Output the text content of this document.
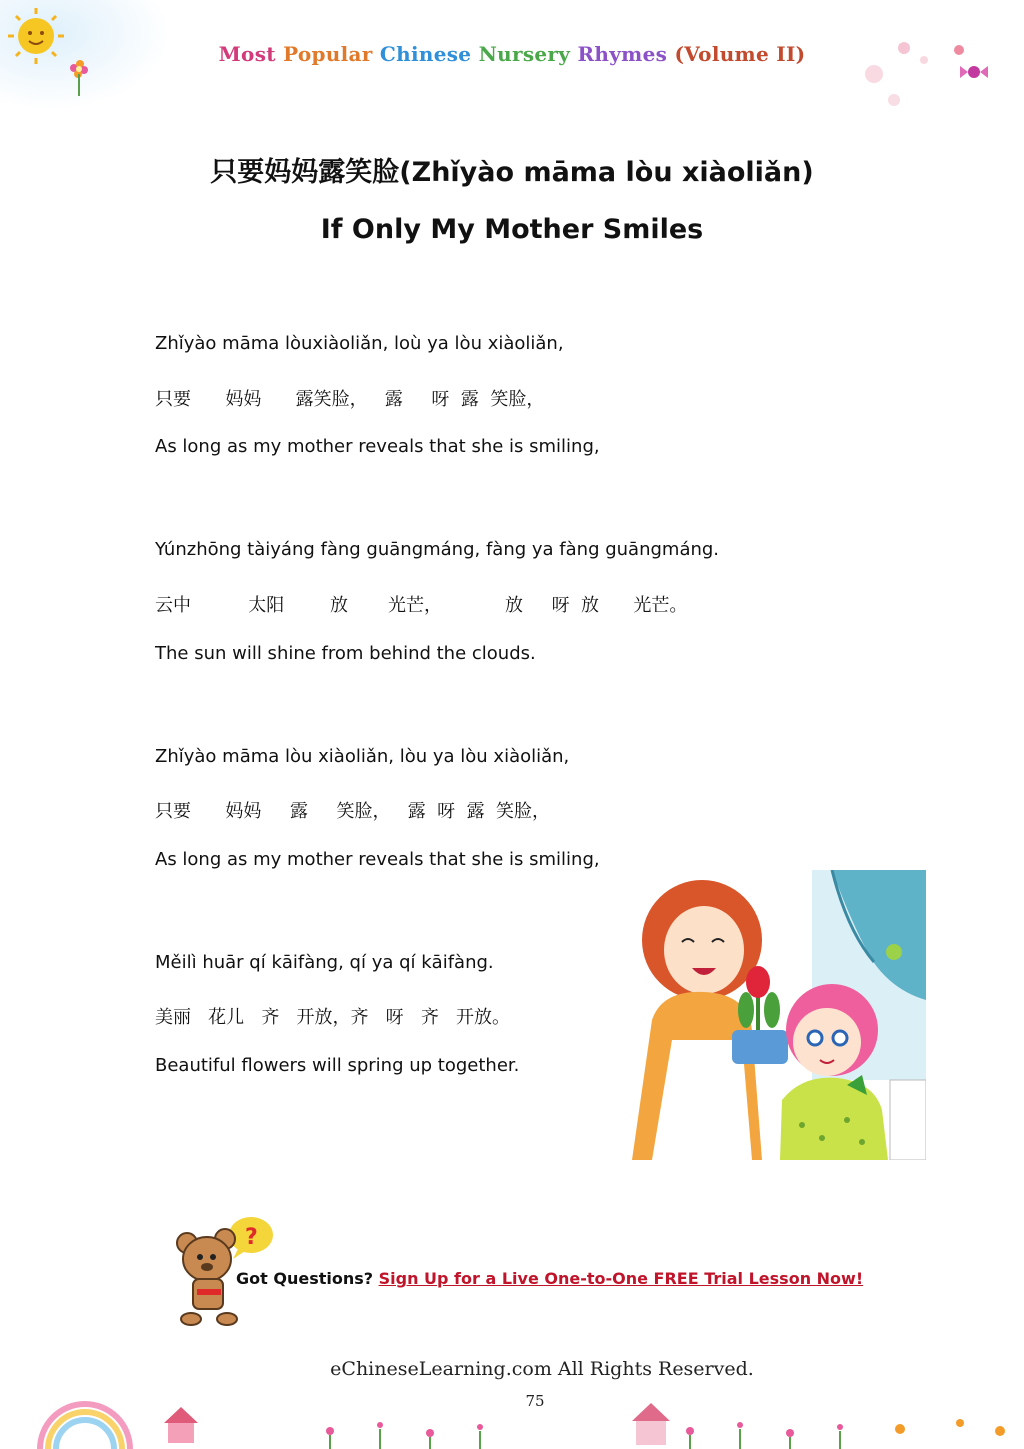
Most Popular Chinese Nursery Rhymes (Volume II)
只要妈妈露笑脸(Zhǐyào māma lòu xiàoliǎn)
If Only My Mother Smiles
Zhǐyào māma lòuxiàoliǎn, loù ya lòu xiàoliǎn,
只要      妈妈      露笑脸，   露     呀  露  笑脸，
As long as my mother reveals that she is smiling,
Yúnzhōng tàiyáng fàng guāngmáng, fàng ya fàng guāngmáng.
云中          太阳        放       光芒，           放     呀  放      光芒。
The sun will shine from behind the clouds.
Zhǐyào māma lòu xiàoliǎn, lòu ya lòu xiàoliǎn,
只要      妈妈     露     笑脸，   露  呀  露  笑脸，
As long as my mother reveals that she is smiling,
Měilì huār qí kāifàng, qí ya qí kāifàng.
美丽   花儿   齐   开放，齐   呀   齐   开放。
Beautiful flowers will spring up together.
?
Got Questions? Sign Up for a Live One-to-One FREE Trial Lesson Now!
eChineseLearning.com All Rights Reserved.
75
